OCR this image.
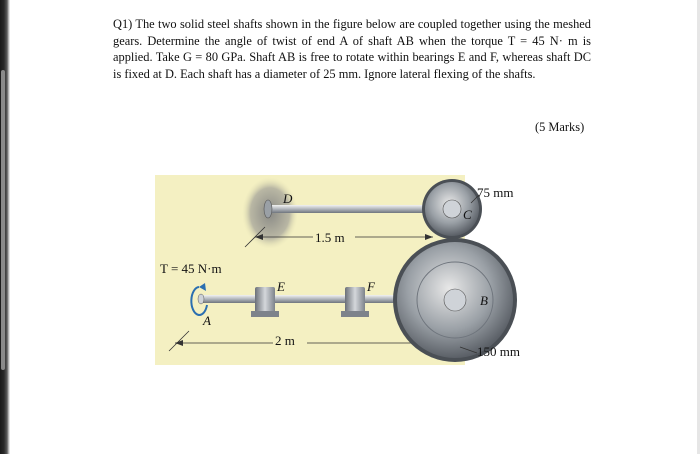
Q1) The two solid steel shafts shown in the figure below are coupled together using the meshed gears. Determine the angle of twist of end A of shaft AB when the torque T = 45 N· m is applied. Take G = 80 GPa. Shaft AB is free to rotate within bearings E and F, whereas shaft DC is fixed at D. Each shaft has a diameter of 25 mm. Ignore lateral flexing of the shafts.

(5 Marks)
1.5 m
D
E	F
2 m
A
T = 45 N·m
C
B
75 mm
150 mm
